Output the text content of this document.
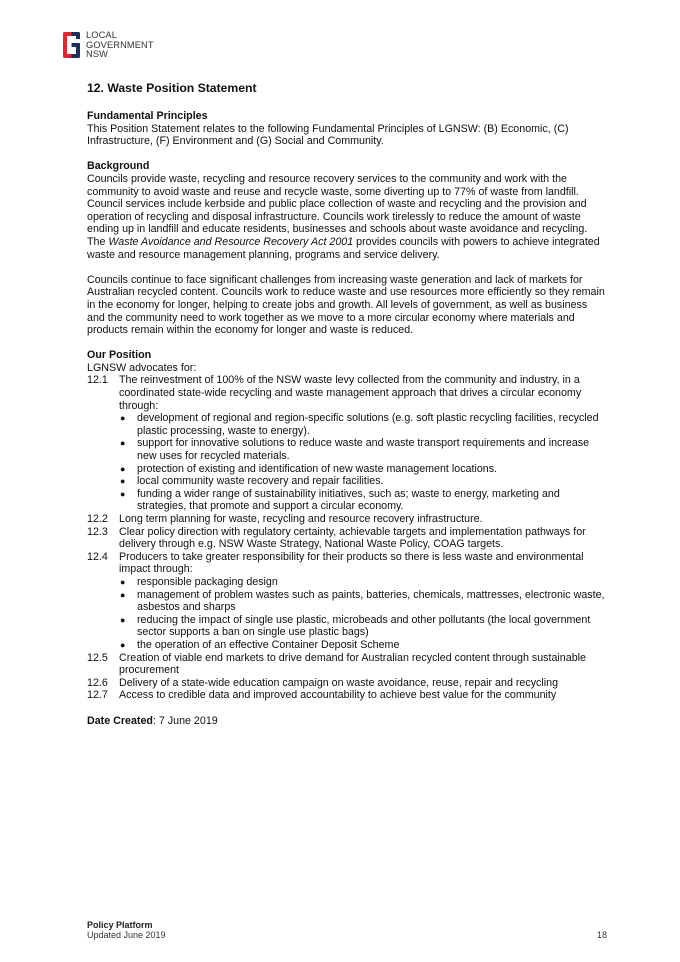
LOCAL
GOVERNMENT
NSW
12. Waste Position Statement

Fundamental Principles

This Position Statement relates to the following Fundamental Principles of LGNSW: (B) Economic, (C) Infrastructure, (F) Environment and (G) Social and Community.

Background

Councils provide waste, recycling and resource recovery services to the community and work with the community to avoid waste and reuse and recycle waste, some diverting up to 77% of waste from landfill. Council services include kerbside and public place collection of waste and recycling and the provision and operation of recycling and disposal infrastructure. Councils work tirelessly to reduce the amount of waste ending up in landfill and educate residents, businesses and schools about waste avoidance and recycling. The Waste Avoidance and Resource Recovery Act 2001 provides councils with powers to achieve integrated waste and resource management planning, programs and service delivery.

Councils continue to face significant challenges from increasing waste generation and lack of markets for Australian recycled content. Councils work to reduce waste and use resources more efficiently so they remain in the economy for longer, helping to create jobs and growth. All levels of government, as well as business and the community need to work together as we move to a more circular economy where materials and products remain within the economy for longer and waste is reduced.

Our Position

LGNSW advocates for:

12.1	The reinvestment of 100% of the NSW waste levy collected from the community and industry, in a coordinated state-wide recycling and waste management approach that drives a circular economy through:
●	development of regional and region-specific solutions (e.g. soft plastic recycling facilities, recycled plastic processing, waste to energy).
●	support for innovative solutions to reduce waste and waste transport requirements and increase new uses for recycled materials.
●	protection of existing and identification of new waste management locations.
●	local community waste recovery and repair facilities.
●	funding a wider range of sustainability initiatives, such as; waste to energy, marketing and strategies, that promote and support a circular economy.
12.2	Long term planning for waste, recycling and resource recovery infrastructure.
12.3	Clear policy direction with regulatory certainty, achievable targets and implementation pathways for delivery through e.g. NSW Waste Strategy, National Waste Policy, COAG targets.
12.4	Producers to take greater responsibility for their products so there is less waste and environmental impact through:
●	responsible packaging design
●	management of problem wastes such as paints, batteries, chemicals, mattresses, electronic waste, asbestos and sharps
●	reducing the impact of single use plastic, microbeads and other pollutants (the local government sector supports a ban on single use plastic bags)
●	the operation of an effective Container Deposit Scheme
12.5	Creation of viable end markets to drive demand for Australian recycled content through sustainable procurement
12.6	Delivery of a state-wide education campaign on waste avoidance, reuse, repair and recycling
12.7	Access to credible data and improved accountability to achieve best value for the community

Date Created: 7 June 2019

Policy Platform
Updated June 2019	18
